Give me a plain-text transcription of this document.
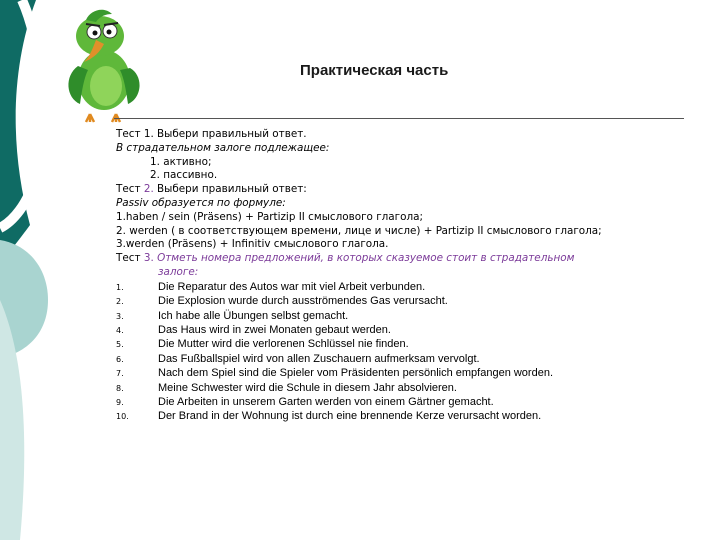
Практическая часть
Тест 1. Выбери правильный ответ.
В страдательном залоге подлежащее:
1. активно;
2. пассивно.
Тест 2. Выбери правильный ответ:
Passiv образуется по формуле:
1.haben / sein (Präsens) + Partizip II смыслового глагола;
2. werden ( в соответствующем времени, лице и числе) + Partizip II смыслового глагола;
3.werden (Präsens) + Infinitiv смыслового глагола.
Тест 3. Отметь номера предложений, в которых сказуемое стоит в страдательном
залоге:
1.	Die Reparatur des Autos war mit viel Arbeit verbunden.
2.	Die Explosion wurde durch ausströmendes Gas verursacht.
3.	Ich habe alle Übungen selbst gemacht.
4.	Das Haus wird in zwei Monaten gebaut werden.
5.	Die Mutter wird die verlorenen Schlüssel nie finden.
6.	Das Fußballspiel wird von allen Zuschauern aufmerksam vervolgt.
7.	Nach dem Spiel sind die Spieler vom Präsidenten persönlich empfangen worden.
8.	Meine Schwester wird die Schule in diesem Jahr absolvieren.
9.	Die Arbeiten in unserem Garten werden von einem Gärtner gemacht.
10.	Der Brand in der Wohnung ist durch eine brennende Kerze verursacht worden.
